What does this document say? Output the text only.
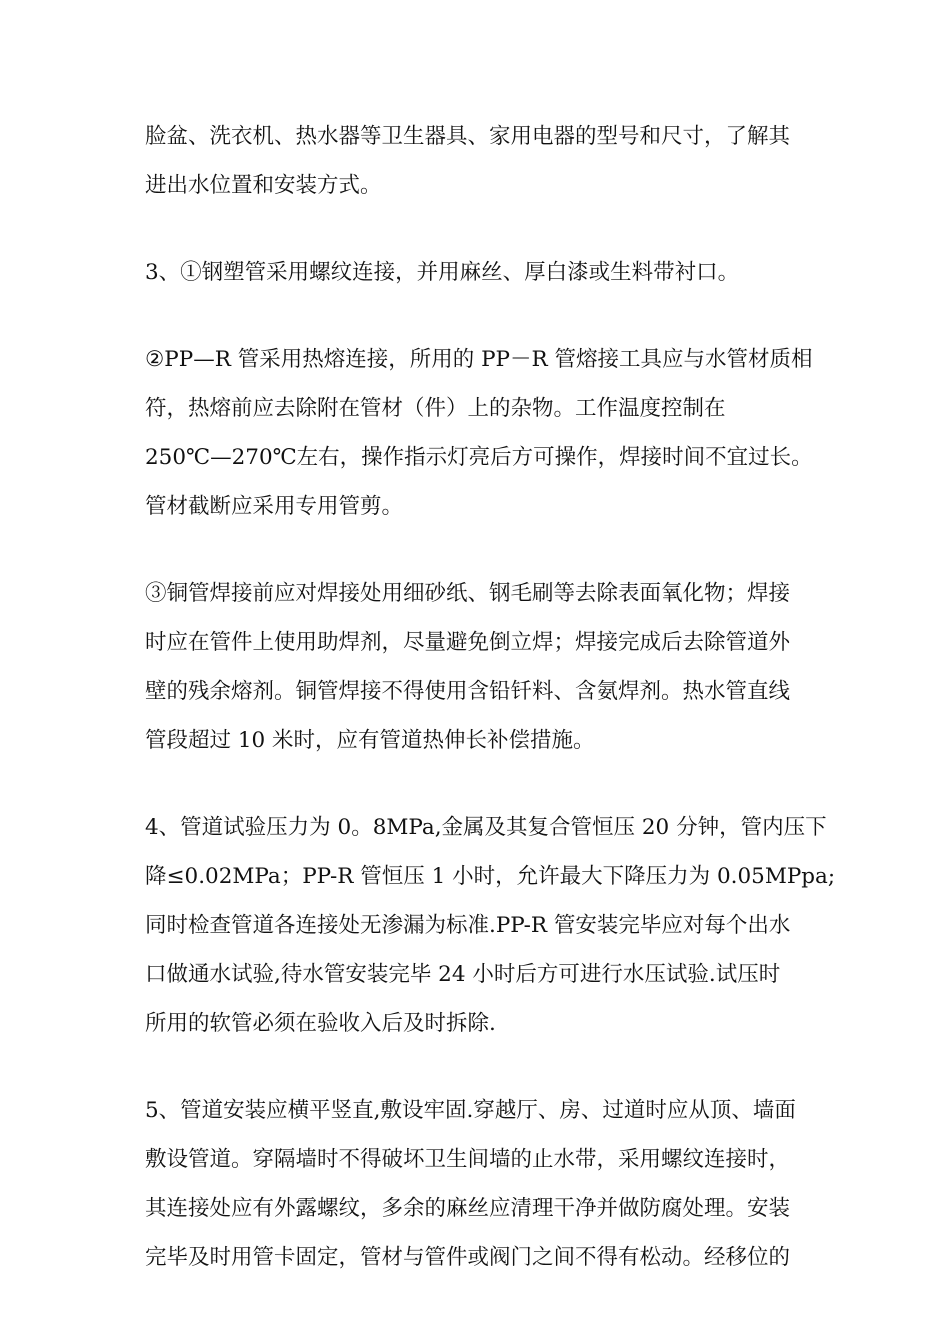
脸盆、洗衣机、热水器等卫生器具、家用电器的型号和尺寸，了解其
进出水位置和安装方式。

3、①钢塑管采用螺纹连接，并用麻丝、厚白漆或生料带衬口。

②PP—R 管采用热熔连接，所用的 PP－R 管熔接工具应与水管材质相
符，热熔前应去除附在管材（件）上的杂物。工作温度控制在
250℃—270℃左右，操作指示灯亮后方可操作，焊接时间不宜过长。
管材截断应采用专用管剪。

③铜管焊接前应对焊接处用细砂纸、钢毛刷等去除表面氧化物；焊接
时应在管件上使用助焊剂，尽量避免倒立焊；焊接完成后去除管道外
壁的残余熔剂。铜管焊接不得使用含铅钎料、含氨焊剂。热水管直线
管段超过 10 米时，应有管道热伸长补偿措施。

4、管道试验压力为 0。8MPa,金属及其复合管恒压 20 分钟，管内压下
降≤0.02MPa；PP-R 管恒压 1 小时，允许最大下降压力为 0.05MPpa;
同时检查管道各连接处无渗漏为标准.PP-R 管安装完毕应对每个出水
口做通水试验,待水管安装完毕 24 小时后方可进行水压试验.试压时
所用的软管必须在验收入后及时拆除.

5、管道安装应横平竖直,敷设牢固.穿越厅、房、过道时应从顶、墙面
敷设管道。穿隔墙时不得破坏卫生间墙的止水带，采用螺纹连接时，
其连接处应有外露螺纹，多余的麻丝应清理干净并做防腐处理。安装
完毕及时用管卡固定，管材与管件或阀门之间不得有松动。经移位的
